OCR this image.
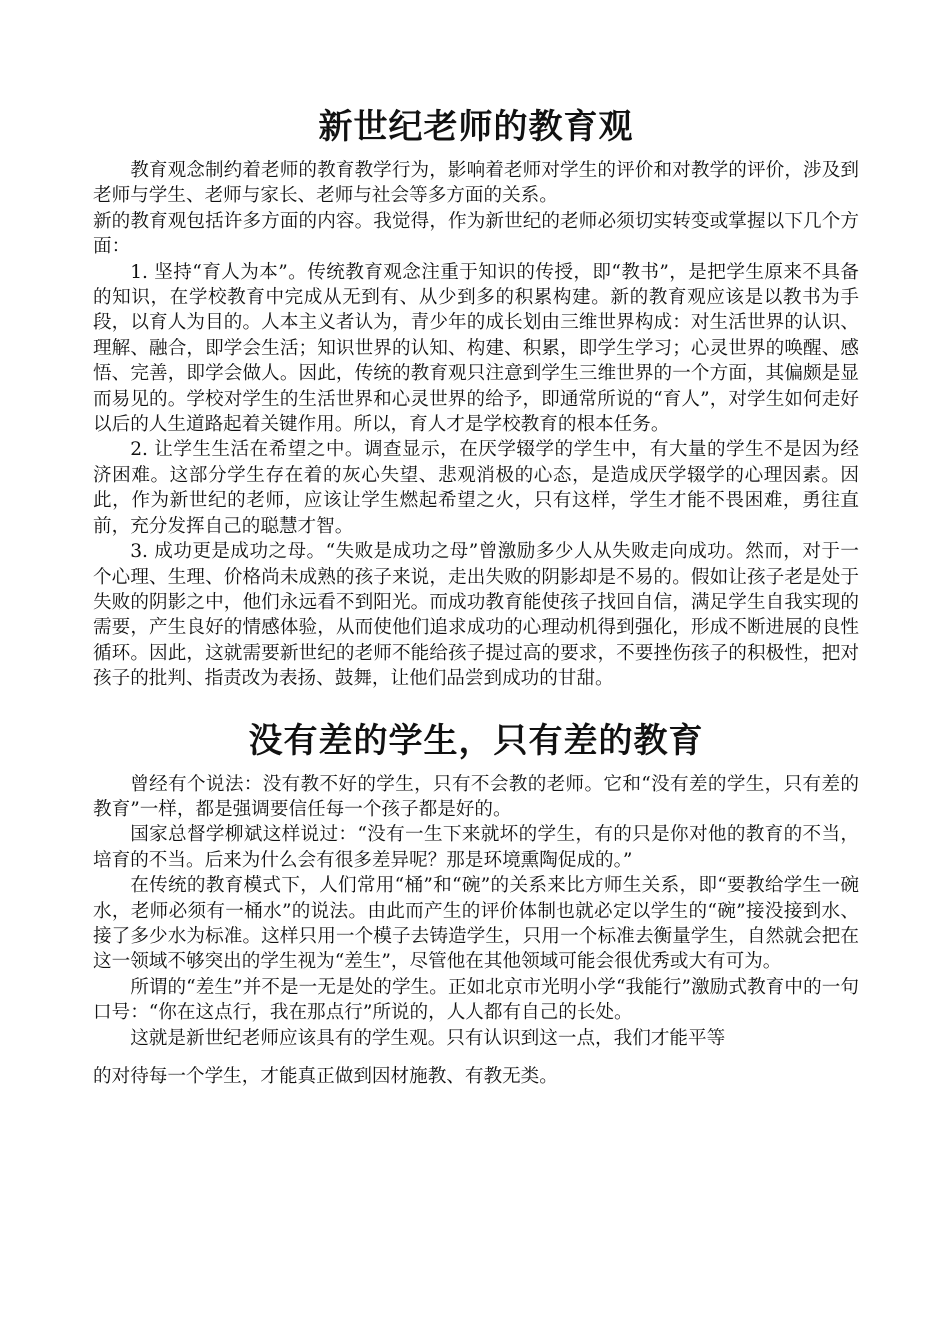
新世纪老师的教育观

教育观念制约着老师的教育教学行为，影响着老师对学生的评价和对教学的评价，涉及到老师与学生、老师与家长、老师与社会等多方面的关系。

新的教育观包括许多方面的内容。我觉得，作为新世纪的老师必须切实转变或掌握以下几个方面：

1. 坚持“育人为本”。传统教育观念注重于知识的传授，即“教书”，是把学生原来不具备的知识，在学校教育中完成从无到有、从少到多的积累构建。新的教育观应该是以教书为手段，以育人为目的。人本主义者认为，青少年的成长划由三维世界构成：对生活世界的认识、理解、融合，即学会生活；知识世界的认知、构建、积累，即学生学习；心灵世界的唤醒、感悟、完善，即学会做人。因此，传统的教育观只注意到学生三维世界的一个方面，其偏颇是显而易见的。学校对学生的生活世界和心灵世界的给予，即通常所说的“育人”，对学生如何走好以后的人生道路起着关键作用。所以，育人才是学校教育的根本任务。

2. 让学生生活在希望之中。调查显示，在厌学辍学的学生中，有大量的学生不是因为经济困难。这部分学生存在着的灰心失望、悲观消极的心态，是造成厌学辍学的心理因素。因此，作为新世纪的老师，应该让学生燃起希望之火，只有这样，学生才能不畏困难，勇往直前，充分发挥自己的聪慧才智。

3. 成功更是成功之母。“失败是成功之母”曾激励多少人从失败走向成功。然而，对于一个心理、生理、价格尚未成熟的孩子来说，走出失败的阴影却是不易的。假如让孩子老是处于失败的阴影之中，他们永远看不到阳光。而成功教育能使孩子找回自信，满足学生自我实现的需要，产生良好的情感体验，从而使他们追求成功的心理动机得到强化，形成不断进展的良性循环。因此，这就需要新世纪的老师不能给孩子提过高的要求，不要挫伤孩子的积极性，把对孩子的批判、指责改为表扬、鼓舞，让他们品尝到成功的甘甜。

没有差的学生，只有差的教育

曾经有个说法：没有教不好的学生，只有不会教的老师。它和“没有差的学生，只有差的教育”一样，都是强调要信任每一个孩子都是好的。

国家总督学柳斌这样说过：“没有一生下来就坏的学生，有的只是你对他的教育的不当，培育的不当。后来为什么会有很多差异呢？那是环境熏陶促成的。”

在传统的教育模式下，人们常用“桶”和“碗”的关系来比方师生关系，即“要教给学生一碗水，老师必须有一桶水”的说法。由此而产生的评价体制也就必定以学生的“碗”接没接到水、接了多少水为标准。这样只用一个模子去铸造学生，只用一个标准去衡量学生，自然就会把在这一领域不够突出的学生视为“差生”，尽管他在其他领域可能会很优秀或大有可为。

所谓的“差生”并不是一无是处的学生。正如北京市光明小学“我能行”激励式教育中的一句口号：“你在这点行，我在那点行”所说的，人人都有自己的长处。

这就是新世纪老师应该具有的学生观。只有认识到这一点，我们才能平等

的对待每一个学生，才能真正做到因材施教、有教无类。
